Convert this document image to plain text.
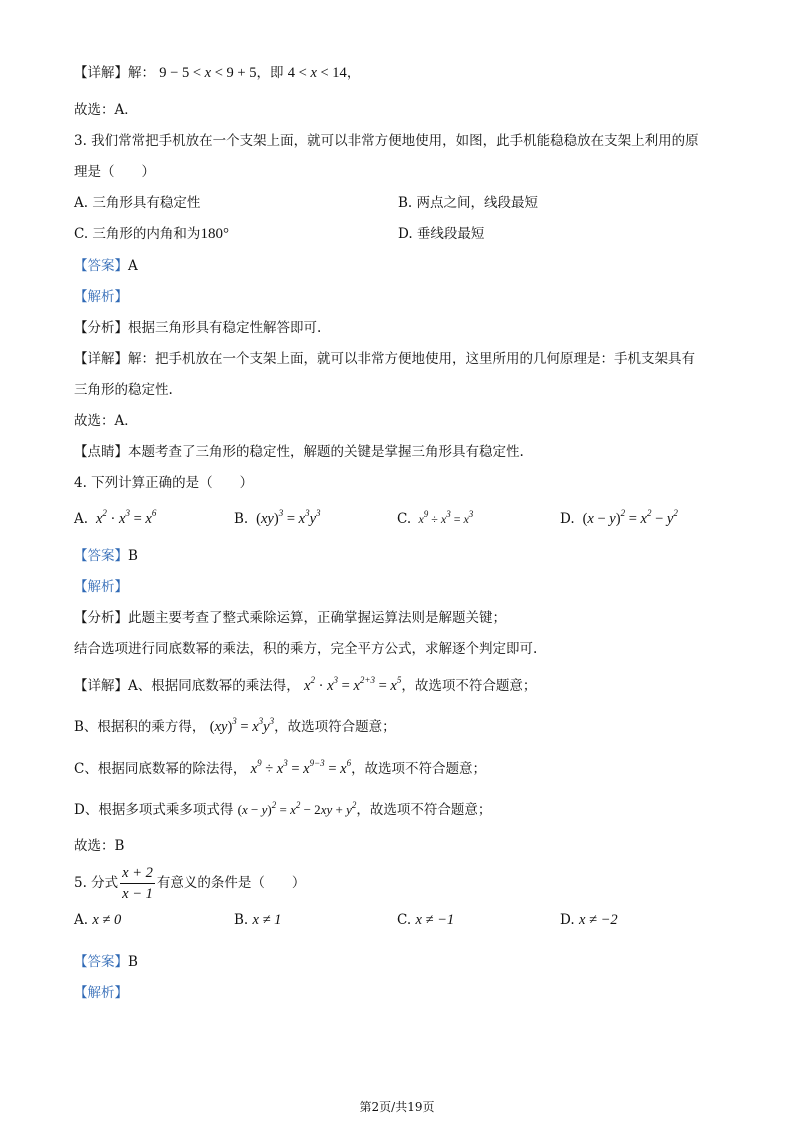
【详解】解： 9 − 5 < x < 9 + 5，即 4 < x < 14，
故选：A．
3. 我们常常把手机放在一个支架上面，就可以非常方便地使用，如图，此手机能稳稳放在支架上利用的原
理是（　　）
A. 三角形具有稳定性	B. 两点之间，线段最短
C. 三角形的内角和为180°	D. 垂线段最短
【答案】A
【解析】
【分析】根据三角形具有稳定性解答即可.
【详解】解：把手机放在一个支架上面，就可以非常方便地使用，这里所用的几何原理是：手机支架具有
三角形的稳定性.
故选：A．
【点睛】本题考查了三角形的稳定性，解题的关键是掌握三角形具有稳定性.
4. 下列计算正确的是（　　）
A.  $x^2 \cdot x^3 = x^6$	B. $(xy)^3 = x^3y^3$	C.  $x^9 \div x^3 = x^3$	D. $(x - y)^2 = x^2 - y^2$
【答案】B
【解析】
【分析】此题主要考查了整式乘除运算，正确掌握运算法则是解题关键；
结合选项进行同底数幂的乘法，积的乘方，完全平方公式，求解逐个判定即可.
【详解】A、根据同底数幂的乘法得， $x^2 \cdot x^3 = x^{2+3} = x^5$，故选项不符合题意；
B、根据积的乘方得， $(xy)^3 = x^3y^3$，故选项符合题意；
C、根据同底数幂的除法得， $x^9 \div x^3 = x^{9-3} = x^6$，故选项不符合题意；
D、根据多项式乘多项式得 $(x - y)^2 = x^2 - 2xy + y^2$，故选项不符合题意；
故选：B
5. 分式 $\frac{x + 2}{x - 1}$ 有意义的条件是（　　）
A. x ≠ 0	B. x ≠ 1	C. x ≠ −1	D. x ≠ −2
【答案】B
【解析】
第2页/共19页
